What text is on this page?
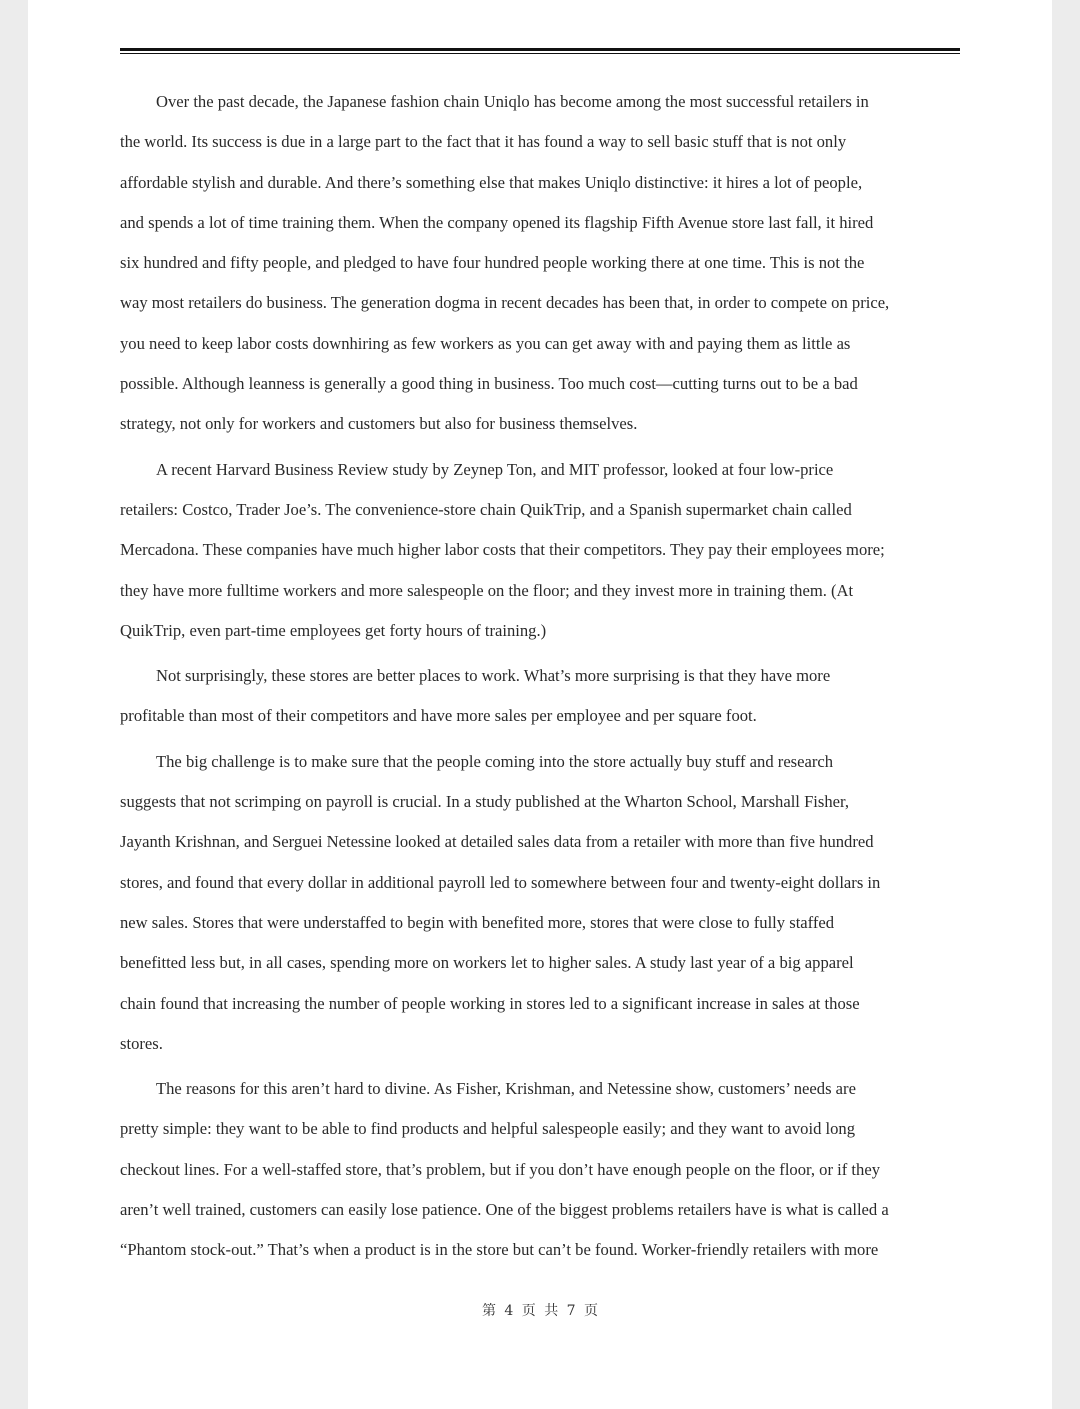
Over the past decade, the Japanese fashion chain Uniqlo has become among the most successful retailers in
the world. Its success is due in a large part to the fact that it has found a way to sell basic stuff that is not only
affordable stylish and durable. And there’s something else that makes Uniqlo distinctive: it hires a lot of people,
and spends a lot of time training them. When the company opened its flagship Fifth Avenue store last fall, it hired
six hundred and fifty people, and pledged to have four hundred people working there at one time. This is not the
way most retailers do business. The generation dogma in recent decades has been that, in order to compete on price,
you need to keep labor costs downhiring as few workers as you can get away with and paying them as little as
possible. Although leanness is generally a good thing in business. Too much cost—cutting turns out to be a bad
strategy, not only for workers and customers but also for business themselves.
A recent Harvard Business Review study by Zeynep Ton, and MIT professor, looked at four low-price
retailers: Costco, Trader Joe’s. The convenience-store chain QuikTrip, and a Spanish supermarket chain called
Mercadona. These companies have much higher labor costs that their competitors. They pay their employees more;
they have more fulltime workers and more salespeople on the floor; and they invest more in training them. (At
QuikTrip, even part-time employees get forty hours of training.)
Not surprisingly, these stores are better places to work. What’s more surprising is that they have more
profitable than most of their competitors and have more sales per employee and per square foot.
The big challenge is to make sure that the people coming into the store actually buy stuff and research
suggests that not scrimping on payroll is crucial. In a study published at the Wharton School, Marshall Fisher,
Jayanth Krishnan, and Serguei Netessine looked at detailed sales data from a retailer with more than five hundred
stores, and found that every dollar in additional payroll led to somewhere between four and twenty-eight dollars in
new sales. Stores that were understaffed to begin with benefited more, stores that were close to fully staffed
benefitted less but, in all cases, spending more on workers let to higher sales. A study last year of a big apparel
chain found that increasing the number of people working in stores led to a significant increase in sales at those
stores.
The reasons for this aren’t hard to divine. As Fisher, Krishman, and Netessine show, customers’ needs are
pretty simple: they want to be able to find products and helpful salespeople easily; and they want to avoid long
checkout lines. For a well-staffed store, that’s problem, but if you don’t have enough people on the floor, or if they
aren’t well trained, customers can easily lose patience. One of the biggest problems retailers have is what is called a
“Phantom stock-out.” That’s when a product is in the store but can’t be found. Worker-friendly retailers with more
第 4 页 共 7 页
